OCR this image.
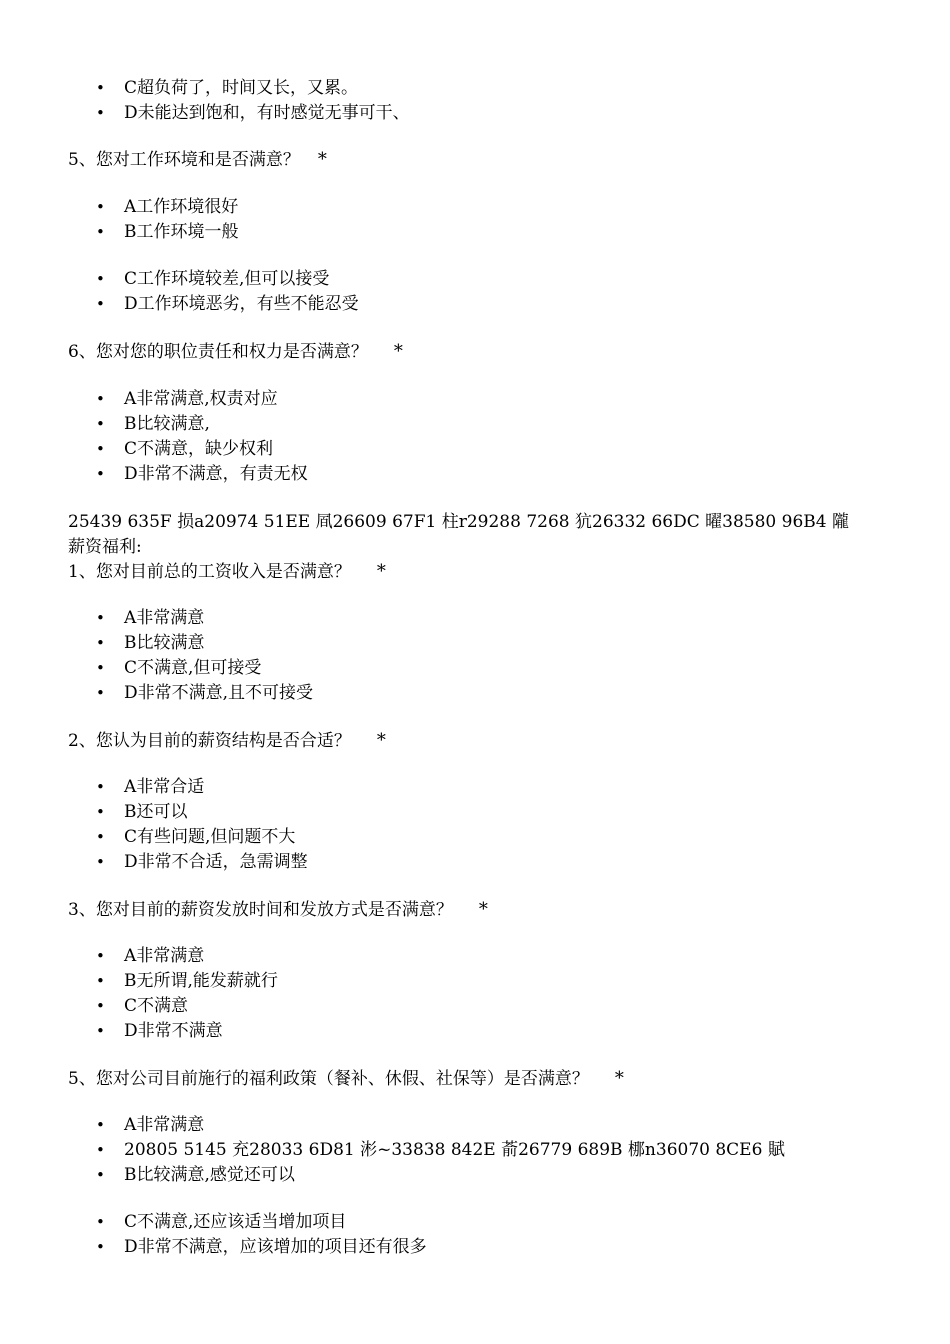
• C超负荷了，时间又长，又累。
• D未能达到饱和，有时感觉无事可干、
5、您对工作环境和是否满意？ *
• A工作环境很好
• B工作环境一般
• C工作环境较差,但可以接受
• D工作环境恶劣，有些不能忍受
6、您对您的职位责任和权力是否满意？ *
• A非常满意,权责对应
• B比较满意,
• C不满意，缺少权利
• D非常不满意，有责无权
25439 635F 损a20974 51EE 凮26609 67F1 柱r29288 7268 犺26332 66DC 曜38580 96B4 隴
薪资福利:
1、您对目前总的工资收入是否满意？ *
• A非常满意
• B比较满意
• C不满意,但可接受
• D非常不满意,且不可接受
2、您认为目前的薪资结构是否合适？ *
• A非常合适
• B还可以
• C有些问题,但问题不大
• D非常不合适，急需调整
3、您对目前的薪资发放时间和发放方式是否满意？ *
• A非常满意
• B无所谓,能发薪就行
• C不满意
• D非常不满意
5、您对公司目前施行的福利政策（餐补、休假、社保等）是否满意？ *
• A非常满意
• 20805 5145 充28033 6D81 涁~33838 842E 萮26779 689B 梛n36070 8CE6 賦
• B比较满意,感觉还可以
• C不满意,还应该适当增加项目
• D非常不满意，应该增加的项目还有很多
